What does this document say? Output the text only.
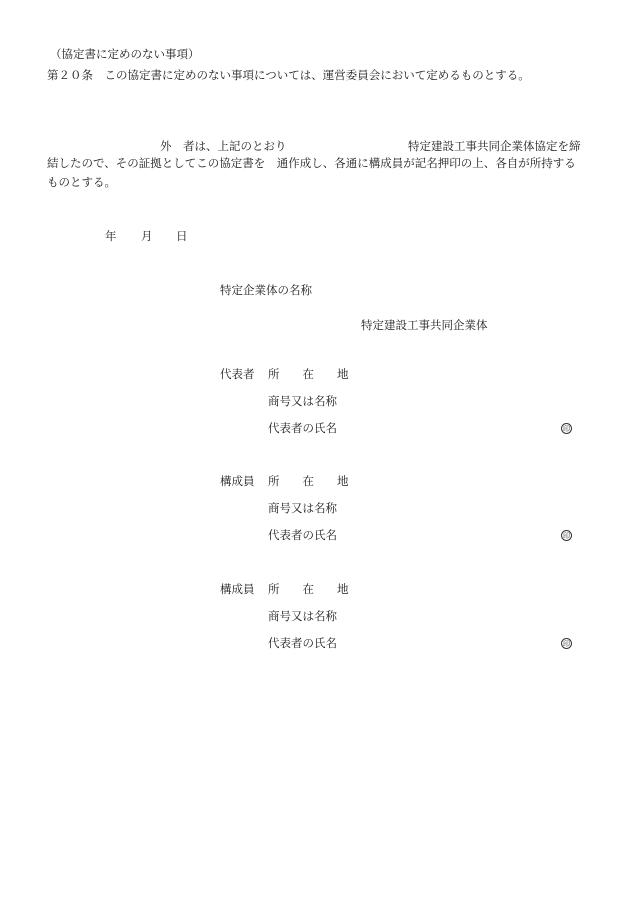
（協定書に定めのない事項）
第２０条　この協定書に定めのない事項については、運営委員会において定めるものとする。
外　者は、上記のとおり	特定建設工事共同企業体協定を締
結したので、その証拠としてこの協定書を　通作成し、各通に構成員が記名押印の上、各自が所持する
ものとする。
年 月 日
特定企業体の名称
特定建設工事共同企業体
代表者 所　　在　　地
商号又は名称
代表者の氏名	印
構成員 所　　在　　地
商号又は名称
代表者の氏名	印
構成員 所　　在　　地
商号又は名称
代表者の氏名	印
